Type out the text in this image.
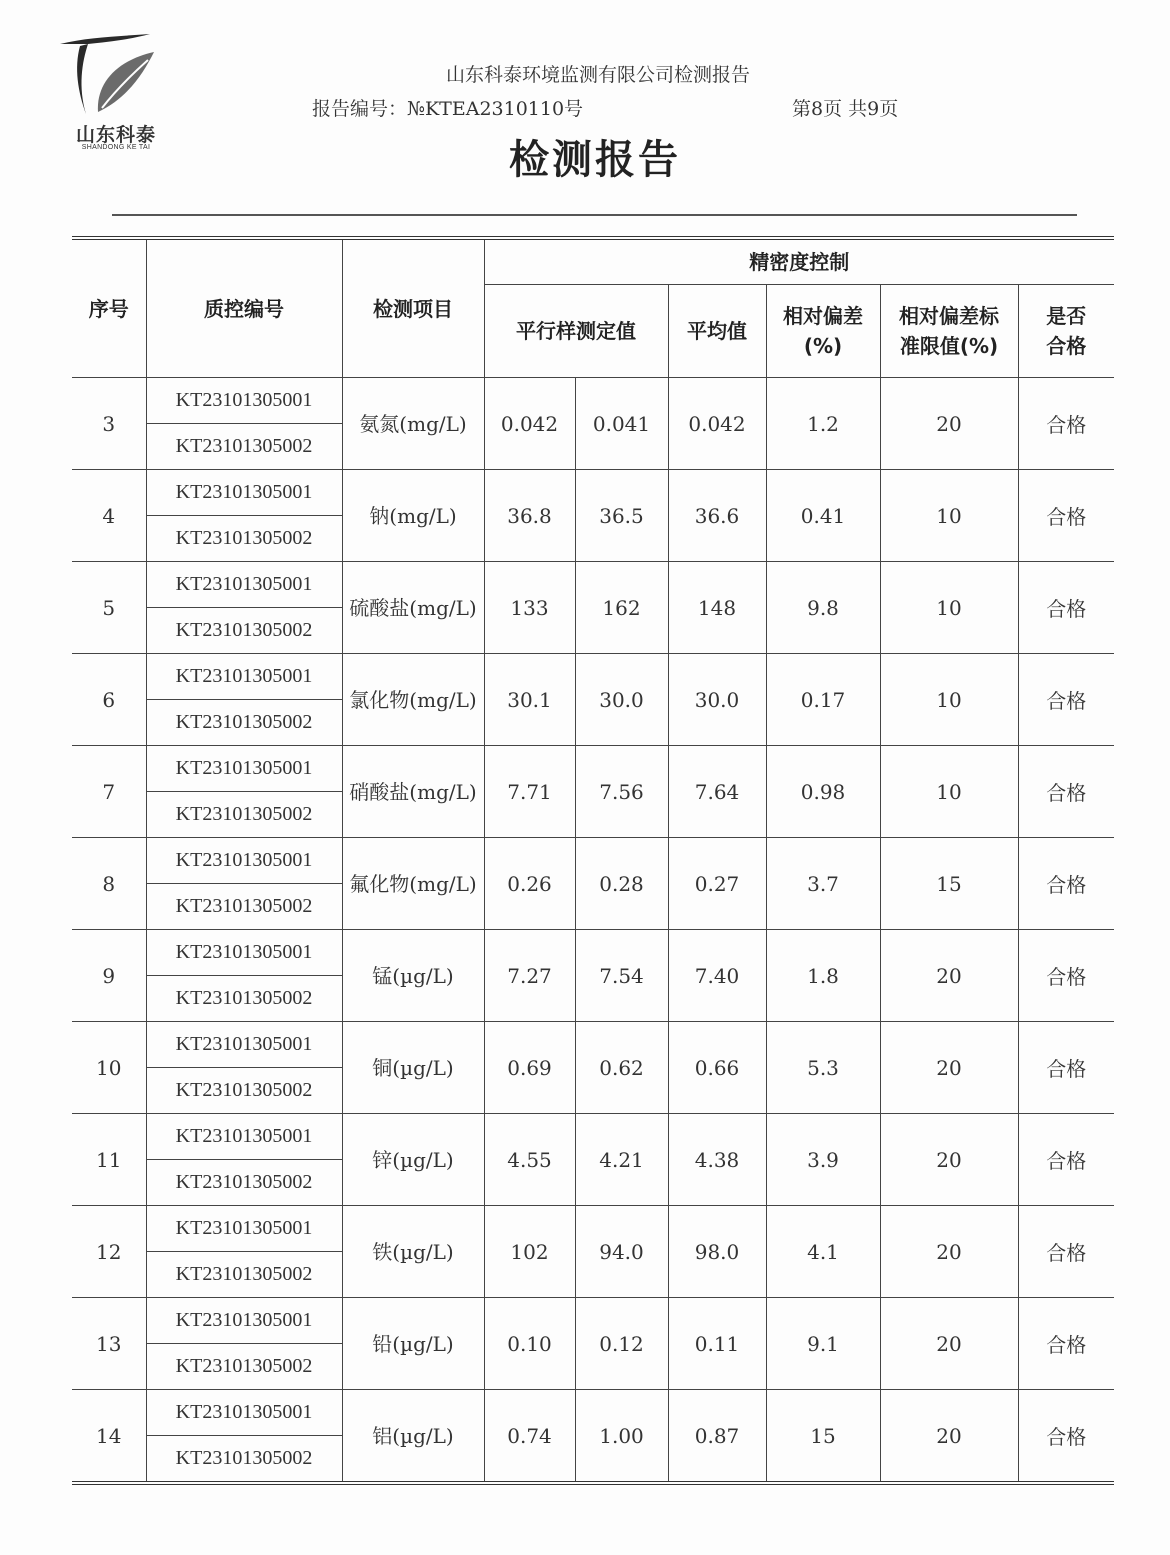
山东科泰
SHANDONG KE TAI
山东科泰环境监测有限公司检测报告
报告编号：№KTEA2310110号	第8页 共9页
检测报告
序号	质控编号	检测项目	精密度控制					
			平行样测定值		平均值	相对偏差(%)	相对偏差标准限值(%)	是否合格
3	KT23101305001	氨氮(mg/L)	0.042	0.041	0.042	1.2	20	合格
	KT23101305002							
4	KT23101305001	钠(mg/L)	36.8	36.5	36.6	0.41	10	合格
	KT23101305002							
5	KT23101305001	硫酸盐(mg/L)	133	162	148	9.8	10	合格
	KT23101305002							
6	KT23101305001	氯化物(mg/L)	30.1	30.0	30.0	0.17	10	合格
	KT23101305002							
7	KT23101305001	硝酸盐(mg/L)	7.71	7.56	7.64	0.98	10	合格
	KT23101305002							
8	KT23101305001	氟化物(mg/L)	0.26	0.28	0.27	3.7	15	合格
	KT23101305002							
9	KT23101305001	锰(µg/L)	7.27	7.54	7.40	1.8	20	合格
	KT23101305002							
10	KT23101305001	铜(µg/L)	0.69	0.62	0.66	5.3	20	合格
	KT23101305002							
11	KT23101305001	锌(µg/L)	4.55	4.21	4.38	3.9	20	合格
	KT23101305002							
12	KT23101305001	铁(µg/L)	102	94.0	98.0	4.1	20	合格
	KT23101305002							
13	KT23101305001	铅(µg/L)	0.10	0.12	0.11	9.1	20	合格
	KT23101305002							
14	KT23101305001	铝(µg/L)	0.74	1.00	0.87	15	20	合格
	KT23101305002							
